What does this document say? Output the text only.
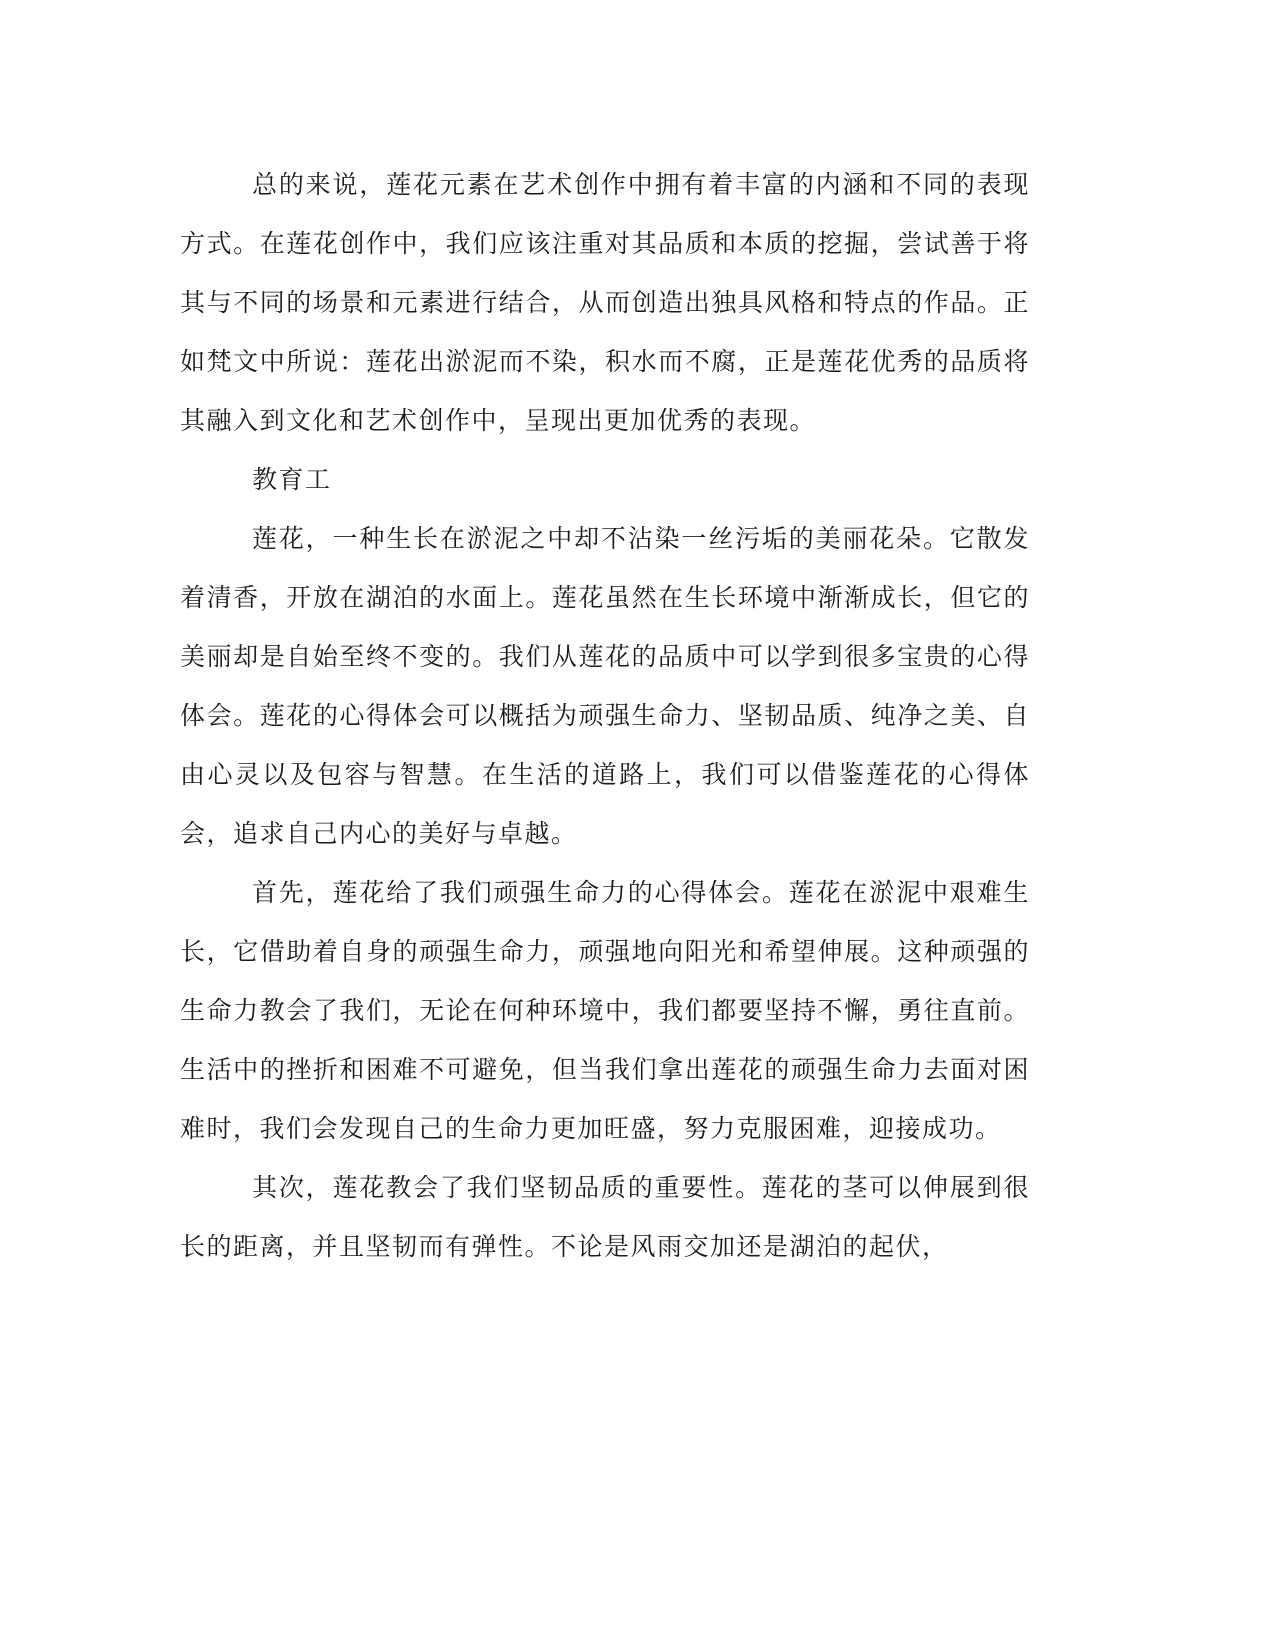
总的来说，莲花元素在艺术创作中拥有着丰富的内涵和不同的表现方式。在莲花创作中，我们应该注重对其品质和本质的挖掘，尝试善于将其与不同的场景和元素进行结合，从而创造出独具风格和特点的作品。正如梵文中所说：莲花出淤泥而不染，积水而不腐，正是莲花优秀的品质将其融入到文化和艺术创作中，呈现出更加优秀的表现。

教育工

莲花，一种生长在淤泥之中却不沾染一丝污垢的美丽花朵。它散发着清香，开放在湖泊的水面上。莲花虽然在生长环境中渐渐成长，但它的美丽却是自始至终不变的。我们从莲花的品质中可以学到很多宝贵的心得体会。莲花的心得体会可以概括为顽强生命力、坚韧品质、纯净之美、自由心灵以及包容与智慧。在生活的道路上，我们可以借鉴莲花的心得体会，追求自己内心的美好与卓越。

首先，莲花给了我们顽强生命力的心得体会。莲花在淤泥中艰难生长，它借助着自身的顽强生命力，顽强地向阳光和希望伸展。这种顽强的生命力教会了我们，无论在何种环境中，我们都要坚持不懈，勇往直前。生活中的挫折和困难不可避免，但当我们拿出莲花的顽强生命力去面对困难时，我们会发现自己的生命力更加旺盛，努力克服困难，迎接成功。

其次，莲花教会了我们坚韧品质的重要性。莲花的茎可以伸展到很长的距离，并且坚韧而有弹性。不论是风雨交加还是湖泊的起伏，
